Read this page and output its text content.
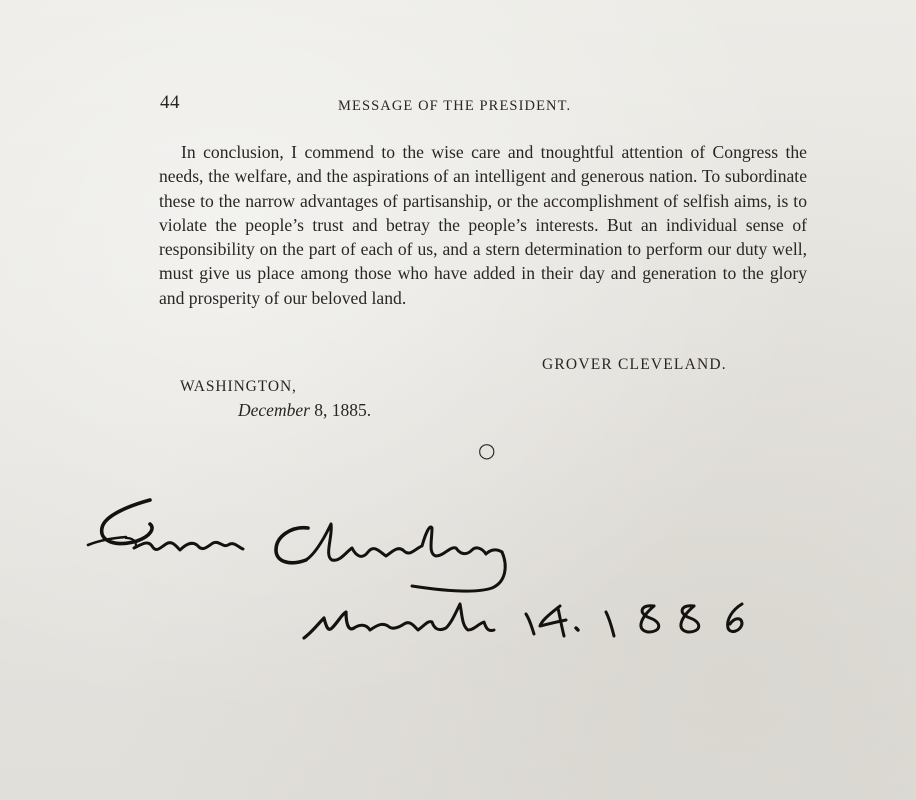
44	MESSAGE OF THE PRESIDENT.

In conclusion, I commend to the wise care and tnoughtful attention of Congress the needs, the welfare, and the aspirations of an intelligent and generous nation. To subordinate these to the narrow advantages of partisanship, or the accomplishment of selfish aims, is to violate the people’s trust and betray the people’s interests. But an individual sense of responsibility on the part of each of us, and a stern determination to perform our duty well, must give us place among those who have added in their day and generation to the glory and prosperity of our beloved land.

GROVER CLEVELAND.
WASHINGTON,
December 8, 1885.
○
